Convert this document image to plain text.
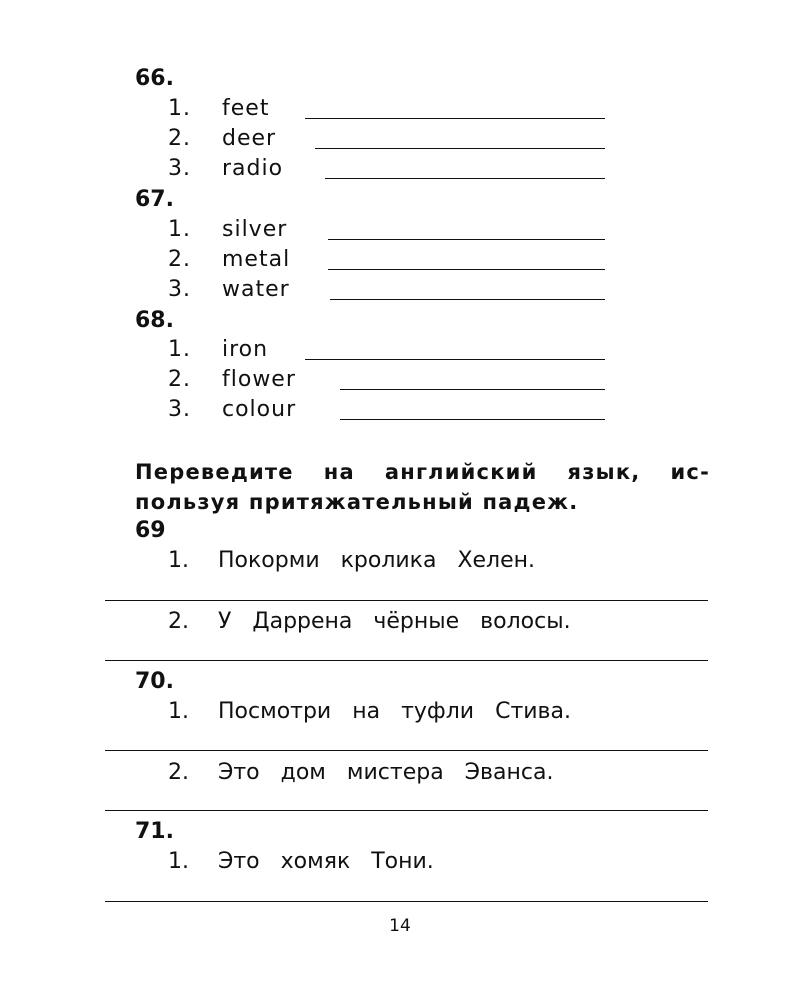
66.
1.	feet
2.	deer
3.	radio
67.
1.	silver
2.	metal
3.	water
68.
1.	iron
2.	flower
3.	colour
Переведите на английский язык, ис-
пользуя притяжательный падеж.
69
1.	Покорми кролика Хелен.
2.	У Даррена чёрные волосы.
70.
1.	Посмотри на туфли Стива.
2.	Это дом мистера Эванса.
71.
1.	Это хомяк Тони.
14
